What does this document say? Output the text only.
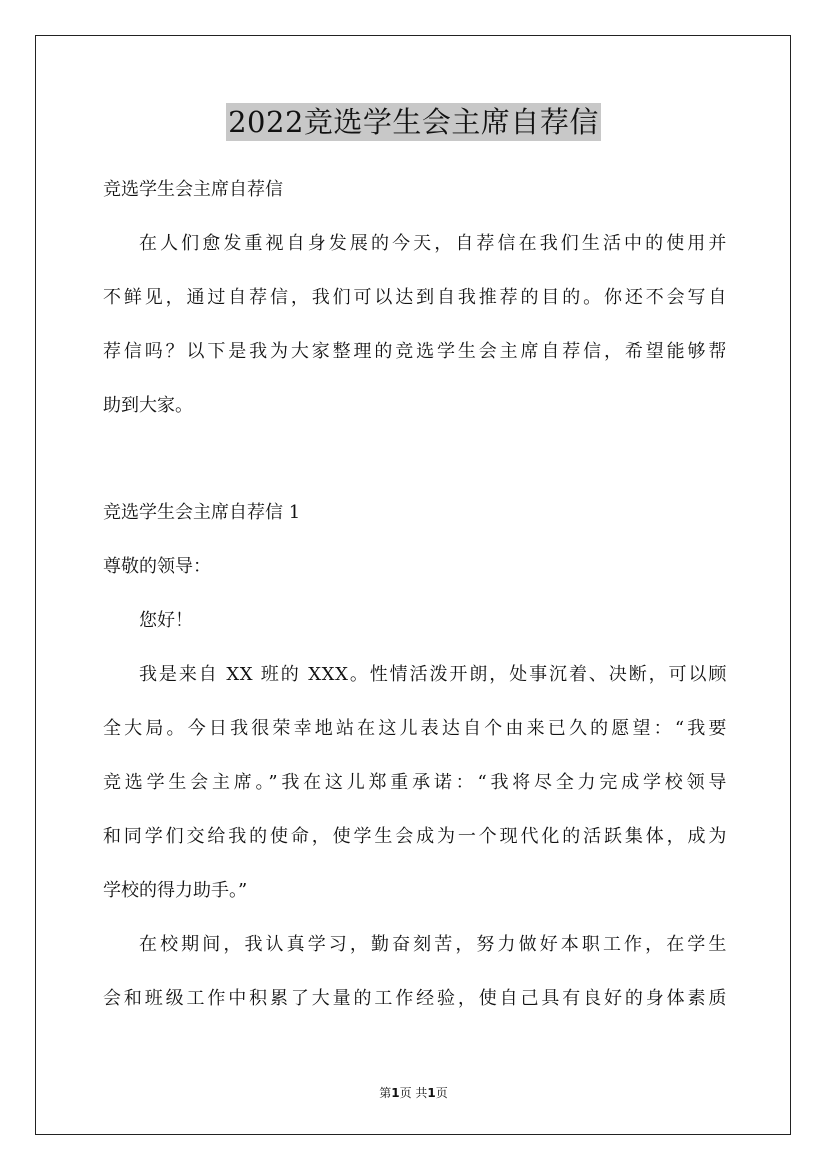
2022竞选学生会主席自荐信
竞选学生会主席自荐信
在人们愈发重视自身发展的今天，自荐信在我们生活中的使用并
不鲜见，通过自荐信，我们可以达到自我推荐的目的。你还不会写自
荐信吗？以下是我为大家整理的竞选学生会主席自荐信，希望能够帮
助到大家。
竞选学生会主席自荐信 1
尊敬的领导：
您好！
我是来自 XX 班的 XXX。性情活泼开朗，处事沉着、决断，可以顾
全大局。今日我很荣幸地站在这儿表达自个由来已久的愿望：“我要
竞选学生会主席。”我在这儿郑重承诺：“我将尽全力完成学校领导
和同学们交给我的使命，使学生会成为一个现代化的活跃集体，成为
学校的得力助手。”
在校期间，我认真学习，勤奋刻苦，努力做好本职工作，在学生
会和班级工作中积累了大量的工作经验，使自己具有良好的身体素质
第1页 共1页
